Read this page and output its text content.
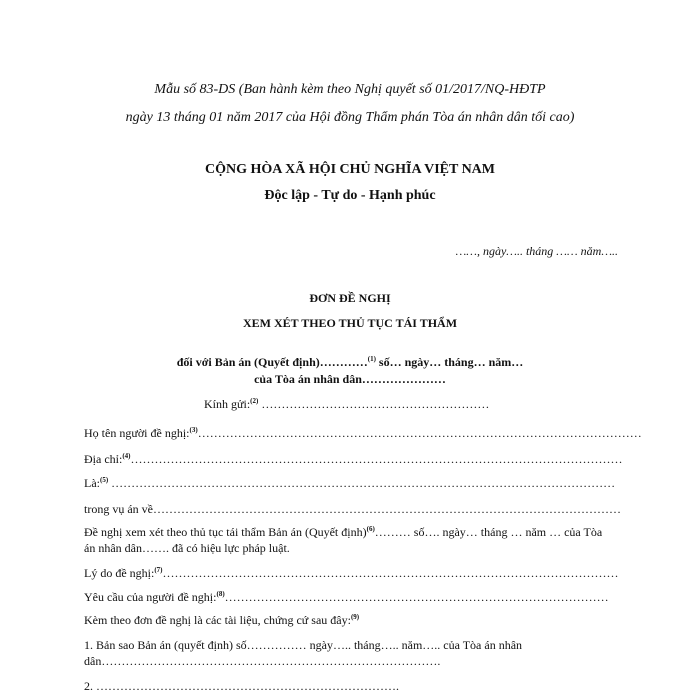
Mẫu số 83-DS (Ban hành kèm theo Nghị quyết số 01/2017/NQ-HĐTP
ngày 13 tháng 01 năm 2017 của Hội đồng Thẩm phán Tòa án nhân dân tối cao)
CỘNG HÒA XÃ HỘI CHỦ NGHĨA VIỆT NAM
Độc lập - Tự do - Hạnh phúc
……, ngày….. tháng …… năm…..
ĐƠN ĐỀ NGHỊ
XEM XÉT THEO THỦ TỤC TÁI THẨM
đối với Bản án (Quyết định)…………$^{(1)}$ số… ngày… tháng… năm…
của Tòa án nhân dân…………………
Kính gửi:$^{(2)}$ …………………………………………………
Họ tên người đề nghị:$^{(3)}$…………………………………………………………………………………………………
Địa chỉ:$^{(4)}$……………………………………………………………………………………………………………
Là:$^{(5)}$ ………………………………………………………………………………………………………………
trong vụ án về………………………………………………………………………………………………………
Đề nghị xem xét theo thủ tục tái thẩm Bản án (Quyết định)$^{(6)}$……… số…. ngày… tháng … năm … của Tòa
án nhân dân……. đã có hiệu lực pháp luật.
Lý do đề nghị:$^{(7)}$……………………………………………………………………………………………………
Yêu cầu của người đề nghị:$^{(8)}$……………………………………………………………………………………
Kèm theo đơn đề nghị là các tài liệu, chứng cứ sau đây:$^{(9)}$
1. Bản sao Bản án (quyết định) số…………… ngày….. tháng….. năm….. của Tòa án nhân
dân………………………………………………………………………….
2. ………………………………………………………………….
